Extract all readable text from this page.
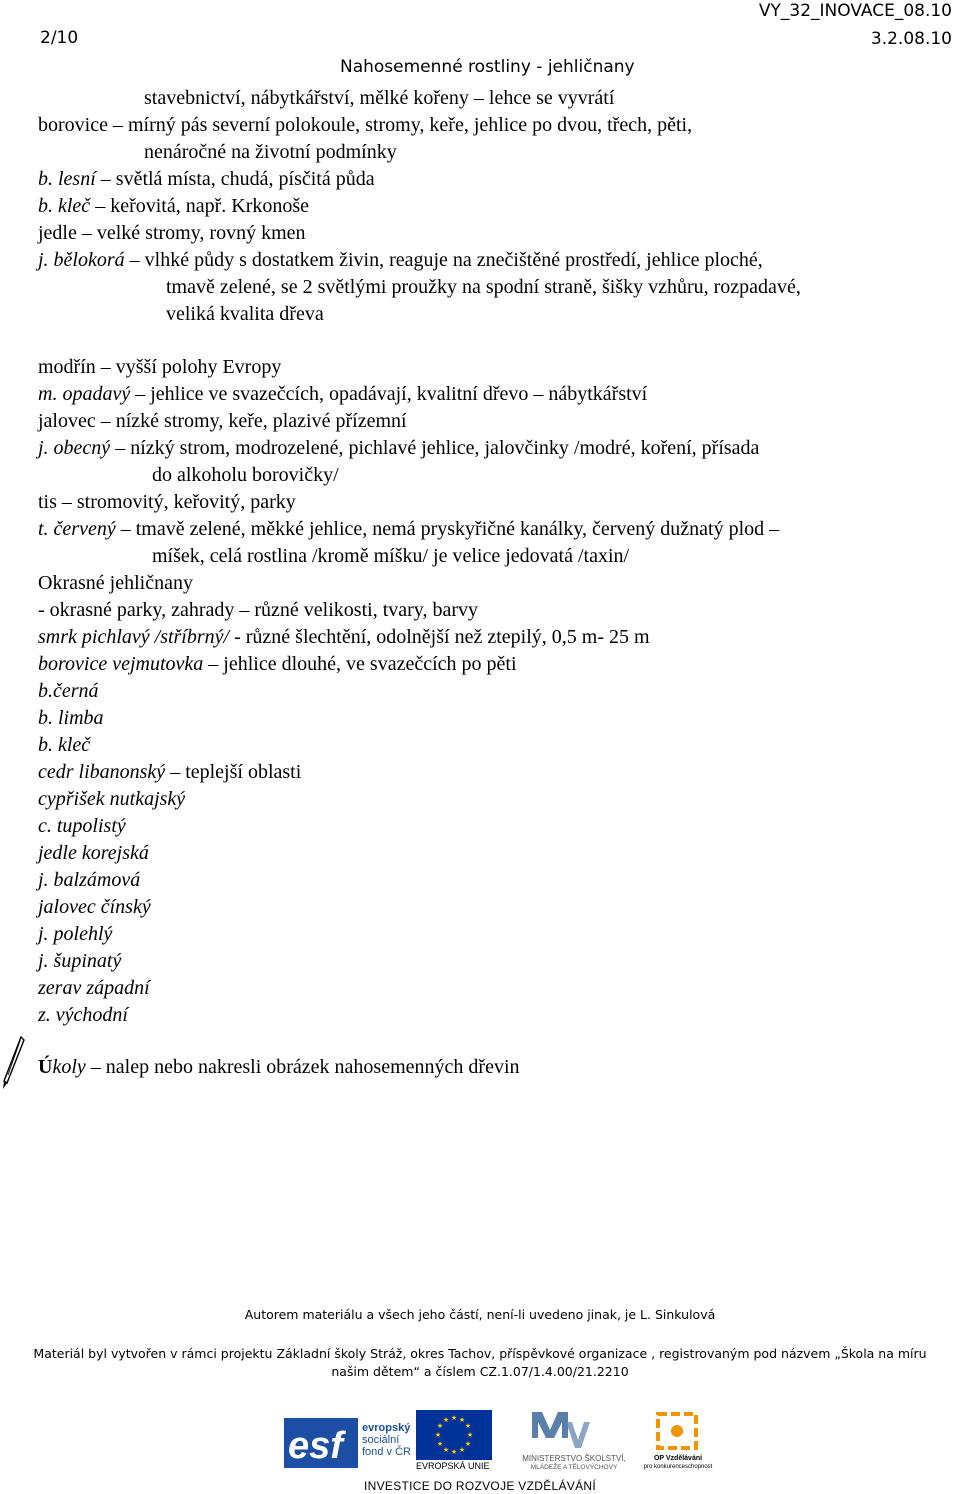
2/10
VY_32_INOVACE_08.10
3.2.08.10
Nahosemenné rostliny - jehličnany
stavebnictví, nábytkářství, mělké kořeny – lehce se vyvrátí
borovice – mírný pás severní polokoule, stromy, keře, jehlice po dvou, třech, pěti,
nenáročné na životní podmínky
b. lesní – světlá místa, chudá, písčitá půda
b. kleč – keřovitá, např. Krkonoše
jedle – velké stromy, rovný kmen
j. bělokorá – vlhké půdy s dostatkem živin, reaguje na znečištěné prostředí, jehlice ploché,
tmavě zelené, se 2 světlými proužky na spodní straně, šišky vzhůru, rozpadavé,
veliká kvalita dřeva
modřín – vyšší polohy Evropy
m. opadavý – jehlice ve svazečcích, opadávají, kvalitní dřevo – nábytkářství
jalovec – nízké stromy, keře, plazivé přízemní
j. obecný – nízký strom, modrozelené, pichlavé jehlice, jalovčinky /modré, koření, přísada
do alkoholu borovičky/
tis – stromovitý, keřovitý, parky
t. červený – tmavě zelené, měkké jehlice, nemá pryskyřičné kanálky, červený dužnatý plod –
míšek, celá rostlina /kromě míšku/ je velice jedovatá /taxin/
Okrasné jehličnany
- okrasné parky, zahrady – různé velikosti, tvary, barvy
smrk pichlavý /stříbrný/ - různé šlechtění, odolnější než ztepilý, 0,5 m- 25 m
borovice vejmutovka – jehlice dlouhé, ve svazečcích po pěti
b.černá
b. limba
b. kleč
cedr libanonský – teplejší oblasti
cypřišek nutkajský
c. tupolistý
jedle korejská
j. balzámová
jalovec čínský
j. polehlý
j. šupinatý
zerav západní
z. východní
Úkoly – nalep nebo nakresli obrázek nahosemenných dřevin
Autorem materiálu a všech jeho částí, není-li uvedeno jinak, je L. Sinkulová
Materiál byl vytvořen v rámci projektu Základní školy Stráž, okres Tachov, příspěvkové organizace , registrovaným pod názvem „Škola na míru
našim dětem“ a číslem CZ.1.07/1.4.00/21.2210
esf	evropský
sociální
fond v ČR
★ ★
★
★
★
★
★
★
★
★
★
★
EVROPSKÁ UNIE
MINISTERSTVO ŠKOLSTVÍ,
MLÁDEŽE A TĚLOVÝCHOVY
OP Vzdělávání
pro konkurenceschopnost
INVESTICE DO ROZVOJE VZDĚLÁVÁNÍ
